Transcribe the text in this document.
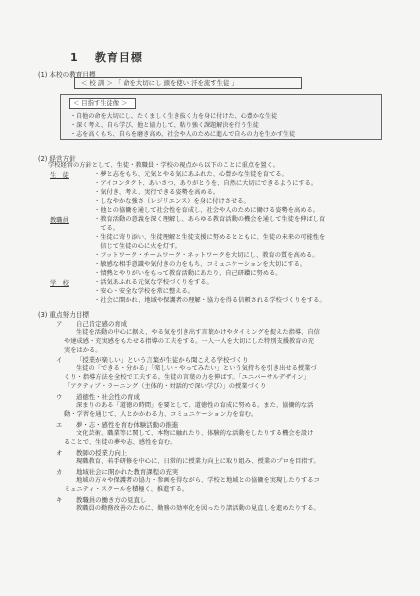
1 教育目標
(1) 本校の教育目標
＜ 校 訓 ＞ 「 命を大切にし 頭を使い 汗を流す生徒 」
＜ 目指す生徒像 ＞
・自他の命を大切にし、たくましく生き抜く力を身に付けた、心豊かな生徒
・深く考え、自ら学び、他と協力して、粘り強く課題解決を行う生徒
・志を高くもち、自らを磨き高め、社会や人のために進んで自らの力を生かす生徒
(2) 経営方針
学校経営の方針として、生徒・教職員・学校の視点から以下のことに重点を置く。
生　徒	・夢と志をもち、元気とやる気にあふれた、心豊かな生徒を育てる。
・アイコンタクト、あいさつ、ありがとうを、自然に大切にできるようにする。
・気付き、考え、実行できる姿勢を高める。
・しなやかな強さ（レジリエンス）を身に付けさせる。
・他との協働を通して社会性を育成し、社会や人のために働ける姿勢を高める。
教職員	・教育活動の意義を深く理解し、あらゆる教育活動の機会を通して生徒を伸ばし育
　てる。
・生徒に寄り添い、生徒理解と生徒支援に努めるとともに、生徒の未来の可能性を
　信じて生徒の心に火を灯す。
・フットワーク・チームワーク・ネットワークを大切にし、教育の質を高める。
・敏感な相手意識や気付きの力をもち、コミュニケーションを大切にする。
・情熱とやりがいをもって教育活動にあたり、自己研鑽に努める。
学　校	・活気あふれる元気な学校づくりをする。
・安心・安全な学校を常に整える。
・社会に開かれ、地域や保護者の理解・協力を得る信頼される学校づくりをする。
(3) 重点努力目標
ア 自己肯定感の育成
生徒を活動の中心に据え、やる気を引き出す言葉かけやタイミングを捉えた指導、自信
や達成感・充実感をもたせる指導の工夫をする。一人一人を大切にした特別支援教育の充
実をはかる。
イ 「授業が楽しい」という言葉が生徒から聞こえる学校づくり
生徒の「できる・分かる」「楽しい・やってみたい」という気持ちを引き出せる授業づ
くり・指導方法を全校で工夫する。生徒の言葉の力を伸ばす。「ユニバーサルデザイン」
「アクティブ・ラーニング（主体的・対話的で深い学び）」の授業づくり
ウ 道徳性・社会性の育成
深まりのある「道徳の時間」を要として、道徳性の育成に努める。また、協働的な活
動・学習を通じて、人とかかわる力、コミュニケーション力を育む。
エ 夢・志・感性を育む体験活動の推進
文化芸術、職業等に関して、本物に触れたり、体験的な活動をしたりする機会を設け
ることで、生徒の夢や志、感性を育む。
オ 教師の授業力向上
現職教育、若手研修を中心に、日常的に授業力向上に取り組み、授業のプロを目指す。
カ 地域社会に開かれた教育課程の充実
地域の方々や保護者の協力・参画を得ながら、学校と地域との協働を実現したりするコ
ミュニティ・スクールを積極く、推進する。
キ 教職員の働き方の見直し
教職員の勤務改善のために、勤務の効率化を図ったり諸活動の見直しを進めたりする。
